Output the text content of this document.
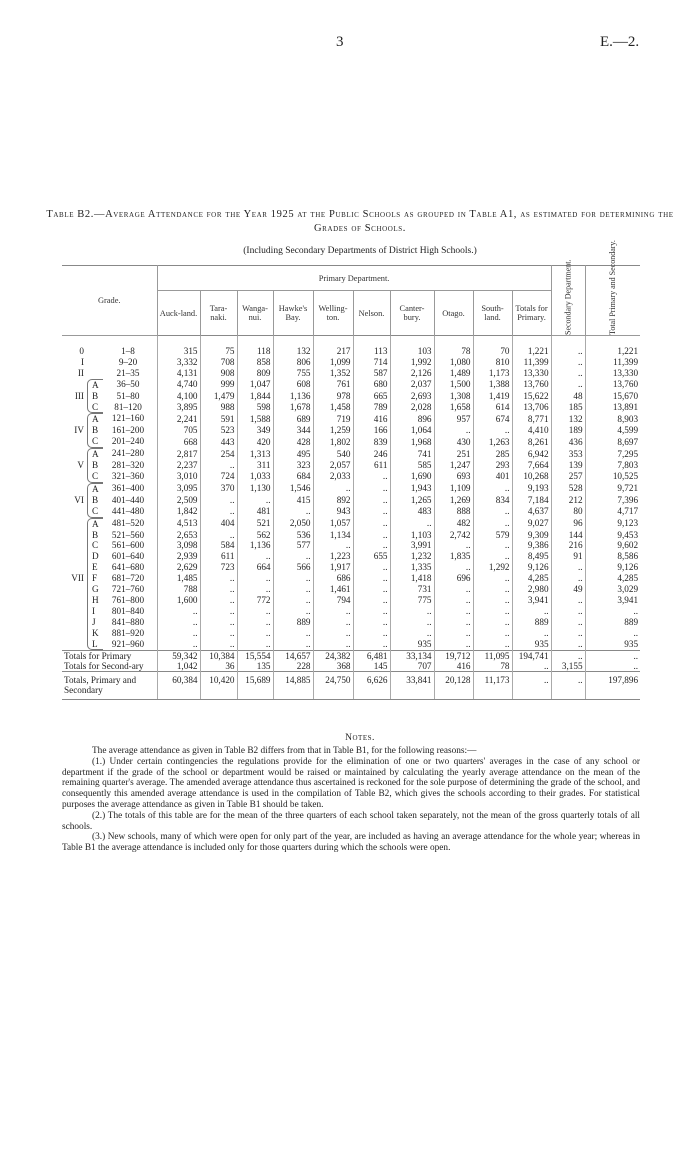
3	E.—2.
Table B2.—Average Attendance for the Year 1925 at the Public Schools as grouped in Table A1, as estimated for determining the Grades of Schools.
(Including Secondary Departments of District High Schools.)
Grade.	Primary Department.										Secondary Department.	Total Primary and Secondary.
	Auck-land.	Tara-naki.	Wanga-nui.	Hawke's Bay.	Welling-ton.	Nelson.	Canter-bury.	Otago.	South-land.	Totals for Primary.		

0 1–8	315	75	118	132	217	113	103	78	70	1,221	..	1,221

I 9–20	3,332	708	858	806	1,099	714	1,992	1,080	810	11,399	..	11,399

II 21–35	4,131	908	809	755	1,352	587	2,126	1,489	1,173	13,330	..	13,330

A 36–50	4,740	999	1,047	608	761	680	2,037	1,500	1,388	13,760	..	13,760

III B 51–80	4,100	1,479	1,844	1,136	978	665	2,693	1,308	1,419	15,622	48	15,670

C 81–120	3,895	988	598	1,678	1,458	789	2,028	1,658	614	13,706	185	13,891

A 121–160	2,241	591	1,588	689	719	416	896	957	674	8,771	132	8,903

IV B 161–200	705	523	349	344	1,259	166	1,064	..	..	4,410	189	4,599

C 201–240	668	443	420	428	1,802	839	1,968	430	1,263	8,261	436	8,697

A 241–280	2,817	254	1,313	495	540	246	741	251	285	6,942	353	7,295

V B 281–320	2,237	..	311	323	2,057	611	585	1,247	293	7,664	139	7,803

C 321–360	3,010	724	1,033	684	2,033	..	1,690	693	401	10,268	257	10,525

A 361–400	3,095	370	1,130	1,546	..	..	1,943	1,109	..	9,193	528	9,721

VI B 401–440	2,509	..	..	415	892	..	1,265	1,269	834	7,184	212	7,396

C 441–480	1,842	..	481	..	943	..	483	888	..	4,637	80	4,717

A 481–520	4,513	404	521	2,050	1,057	..	..	482	..	9,027	96	9,123

B 521–560	2,653	..	562	536	1,134	..	1,103	2,742	579	9,309	144	9,453

C 561–600	3,098	584	1,136	577	..	..	3,991	..	..	9,386	216	9,602

D 601–640	2,939	611	..	..	1,223	655	1,232	1,835	..	8,495	91	8,586

E 641–680	2,629	723	664	566	1,917	..	1,335	..	1,292	9,126	..	9,126

VII F 681–720	1,485	..	..	..	686	..	1,418	696	..	4,285	..	4,285

G 721–760	788	..	..	..	1,461	..	731	..	..	2,980	49	3,029

H 761–800	1,600	..	772	..	794	..	775	..	..	3,941	..	3,941

I 801–840	..	..	..	..	..	..	..	..	..	..	..	..

J 841–880	..	..	..	889	..	..	..	..	..	889	..	889

K 881–920	..	..	..	..	..	..	..	..	..	..	..	..

L 921–960	..	..	..	..	..	..	935	..	..	935	..	935
Totals for Primary	59,342	10,384	15,554	14,657	24,382	6,481	33,134	19,712	11,095	194,741	..	..
Totals for Second-ary	1,042	36	135	228	368	145	707	416	78	..	3,155	..
Totals, Primary and Secondary	60,384	10,420	15,689	14,885	24,750	6,626	33,841	20,128	11,173	..	..	197,896
Notes.

The average attendance as given in Table B2 differs from that in Table B1, for the following reasons:—

(1.) Under certain contingencies the regulations provide for the elimination of one or two quarters' averages in the case of any school or department if the grade of the school or department would be raised or maintained by calculating the yearly average attendance on the mean of the remaining quarter's average. The amended average attendance thus ascertained is reckoned for the sole purpose of determining the grade of the school, and consequently this amended average attendance is used in the compilation of Table B2, which gives the schools according to their grades. For statistical purposes the average attendance as given in Table B1 should be taken.

(2.) The totals of this table are for the mean of the three quarters of each school taken separately, not the mean of the gross quarterly totals of all schools.

(3.) New schools, many of which were open for only part of the year, are included as having an average attendance for the whole year; whereas in Table B1 the average attendance is included only for those quarters during which the schools were open.
